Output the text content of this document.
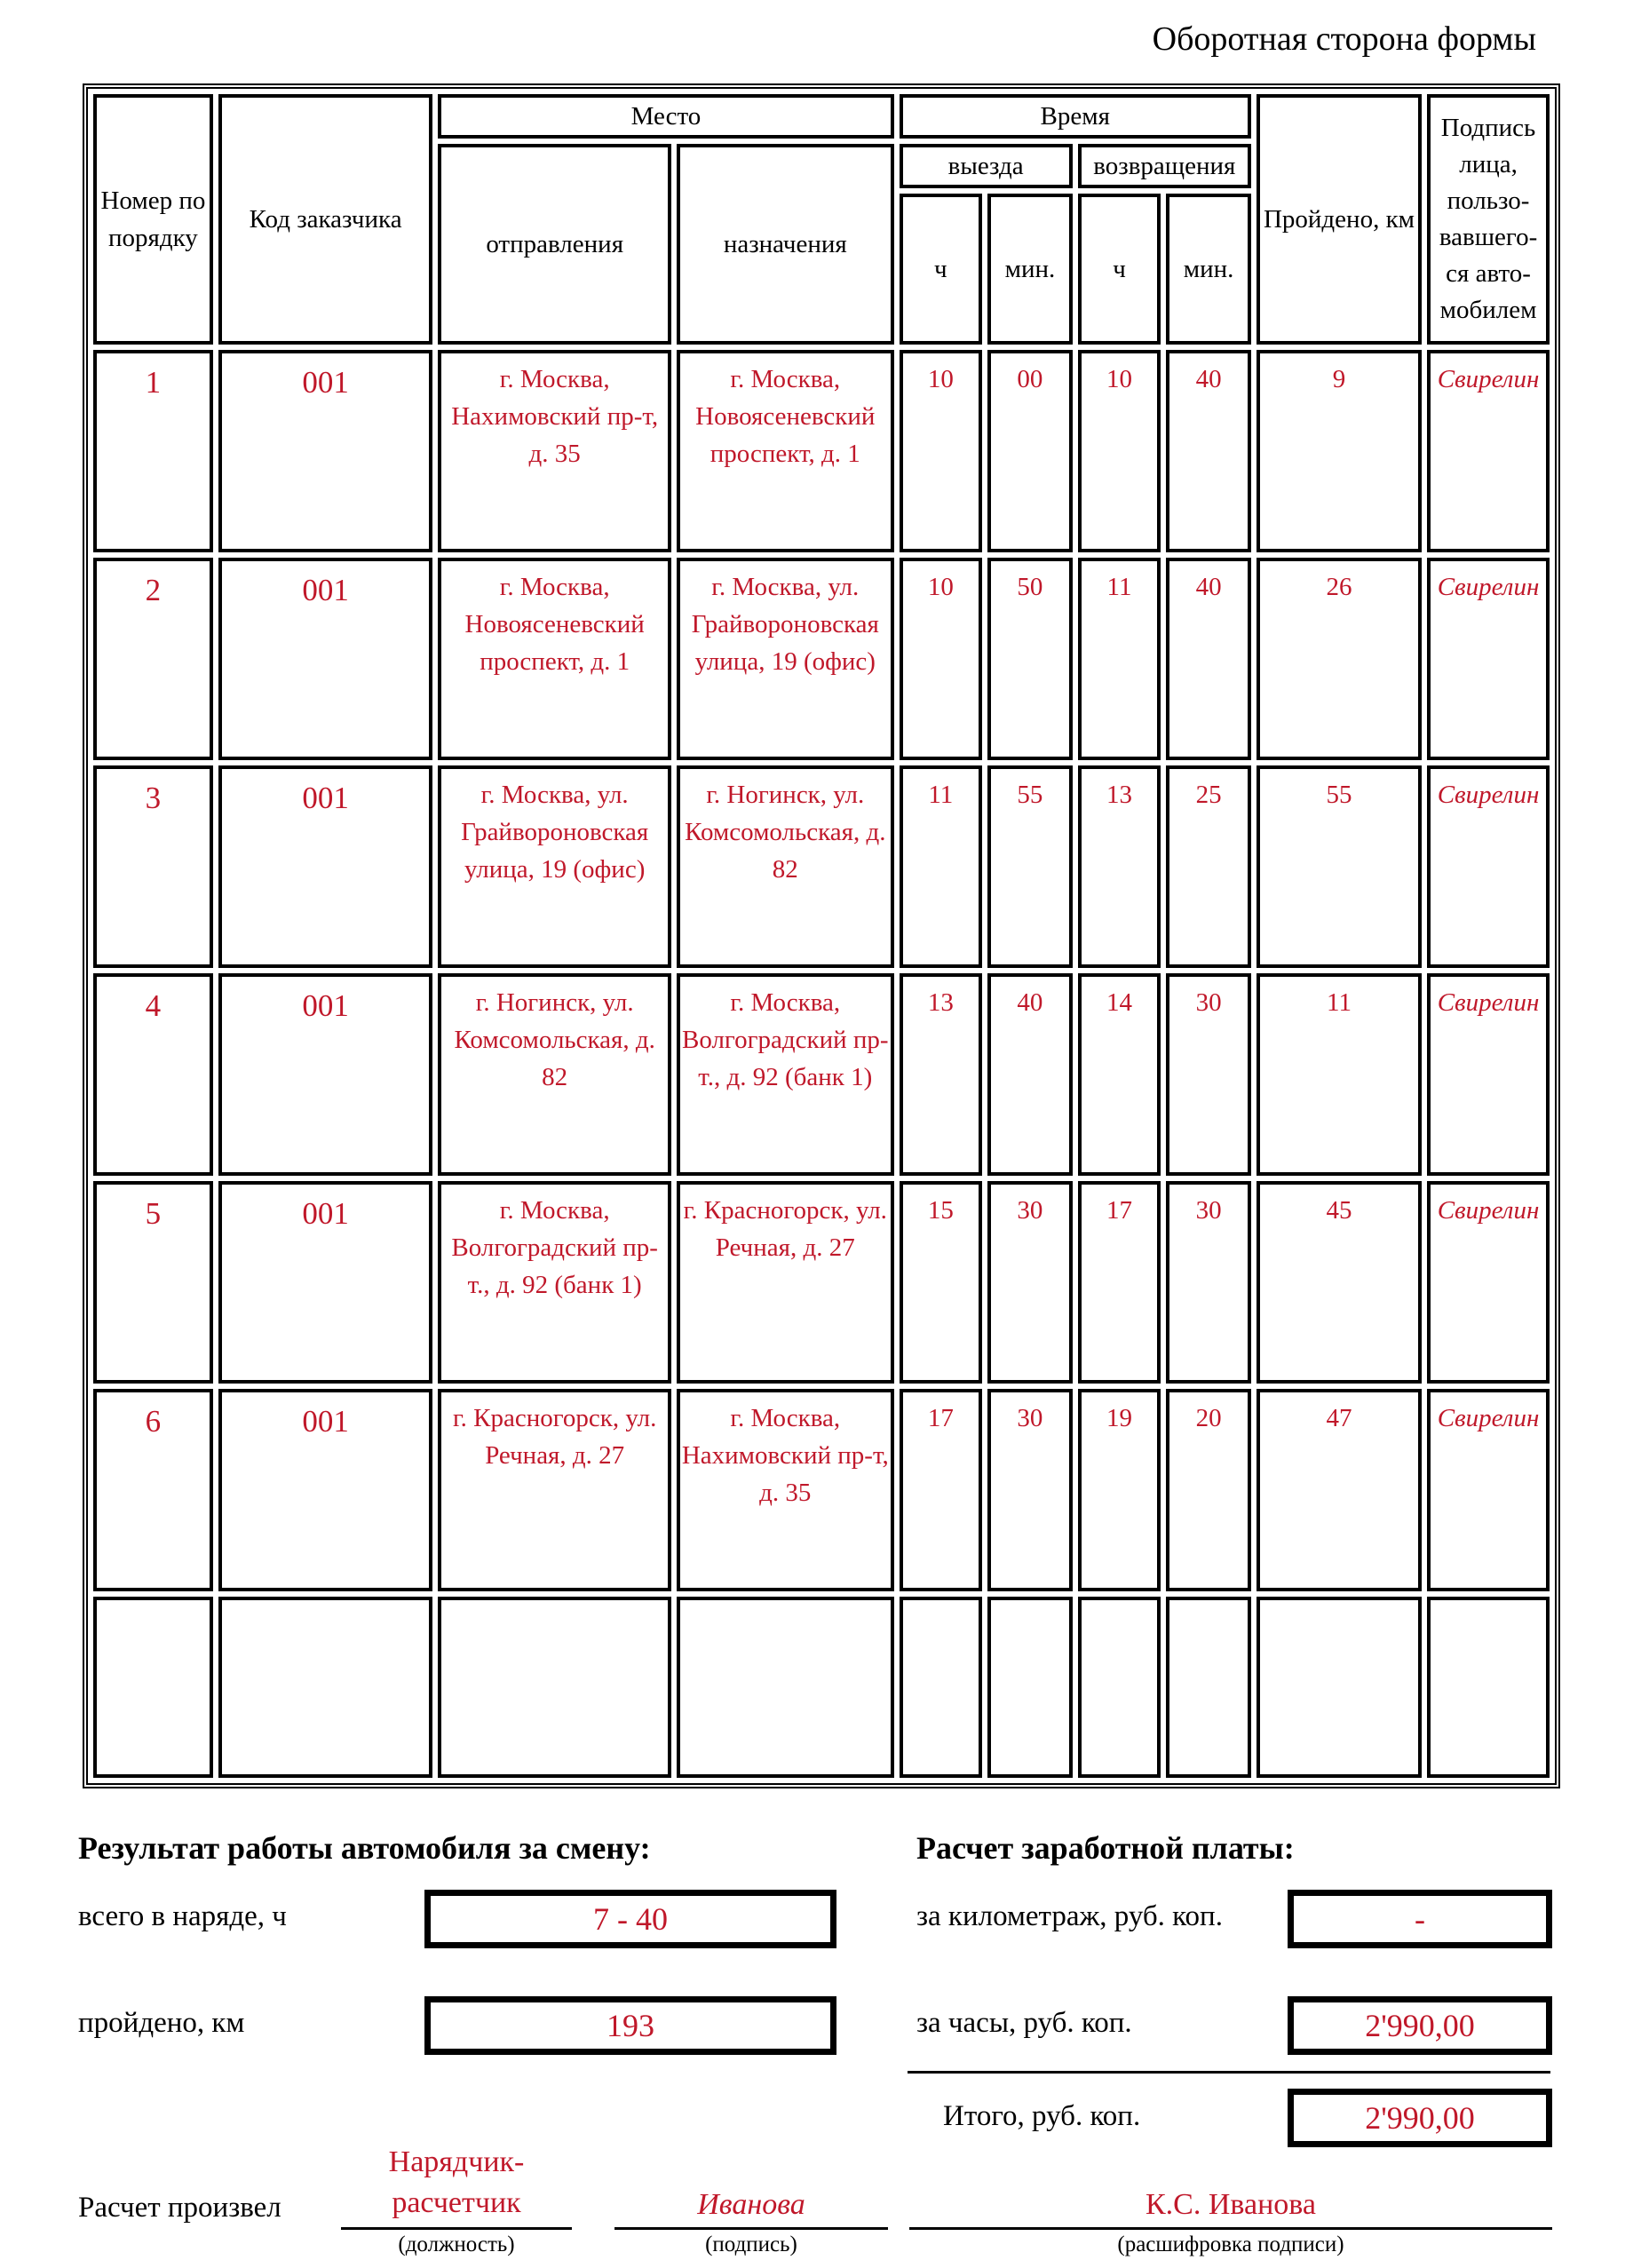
Оборотная сторона формы
Номер по порядку	Код заказчика	Место		Время				Пройдено, км	Подпись лица, пользо-вавшего-ся авто-мобилем
		отправления	назначения	выезда		возвращения			
				ч	мин.	ч	мин.		
1	001	г. Москва, Нахимовский пр-т, д. 35	г. Москва, Новоясеневский проспект, д. 1	10	00	10	40	9	Свирелин
2	001	г. Москва, Новоясеневский проспект, д. 1	г. Москва, ул. Грайвороновская улица, 19 (офис)	10	50	11	40	26	Свирелин
3	001	г. Москва, ул. Грайвороновская улица, 19 (офис)	г. Ногинск, ул. Комсомольская, д. 82	11	55	13	25	55	Свирелин
4	001	г. Ногинск, ул. Комсомольская, д. 82	г. Москва, Волгоградский пр-т., д. 92 (банк 1)	13	40	14	30	11	Свирелин
5	001	г. Москва, Волгоградский пр-т., д. 92 (банк 1)	г. Красногорск, ул. Речная, д. 27	15	30	17	30	45	Свирелин
6	001	г. Красногорск, ул. Речная, д. 27	г. Москва, Нахимовский пр-т, д. 35	17	30	19	20	47	Свирелин

Результат работы автомобиля за смену:
всего в наряде, ч	7 - 40
пройдено, км	193
Расчет заработной платы:
за километраж, руб. коп.	-
за часы, руб. коп.	2'990,00
Итого, руб. коп.	2'990,00
Расчет произвел
Нарядчик-расчетчик
(должность)
Иванова
(подпись)
К.С. Иванова
(расшифровка подписи)
